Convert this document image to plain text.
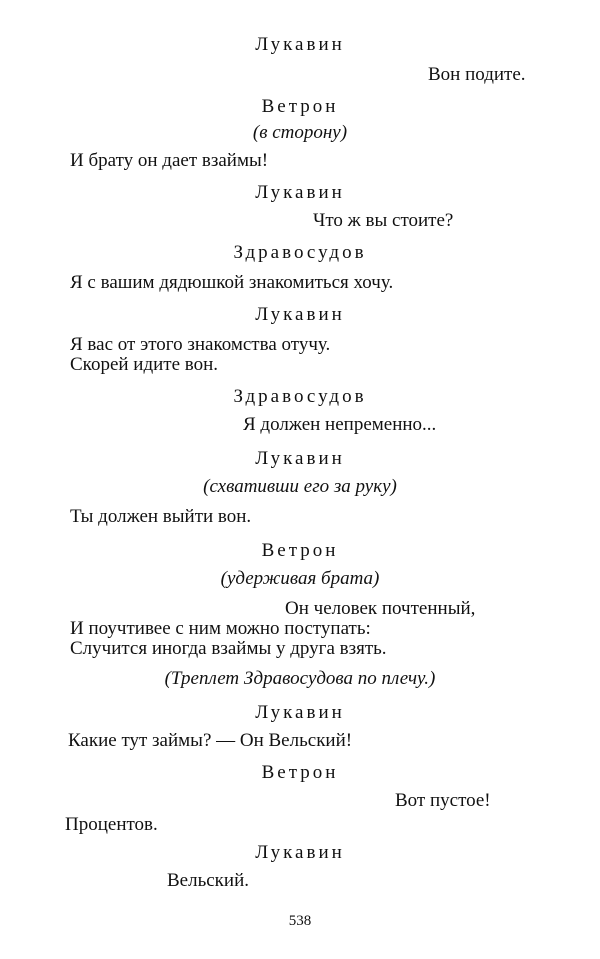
Лукавин
Вон подите.
Ветрон
(в сторону)
И брату он дает взаймы!
Лукавин
Что ж вы стоите?
Здравосудов
Я с вашим дядюшкой знакомиться хочу.
Лукавин
Я вас от этого знакомства отучу.
Скорей идите вон.
Здравосудов
Я должен непременно...
Лукавин
(схвативши его за руку)
Ты должен выйти вон.
Ветрон
(удерживая брата)
Он человек почтенный,
И поучтивее с ним можно поступать:
Случится иногда взаймы у друга взять.
(Треплет Здравосудова по плечу.)
Лукавин
Какие тут займы? — Он Вельский!
Ветрон
Вот пустое!
Процентов.
Лукавин
Вельский.
538
